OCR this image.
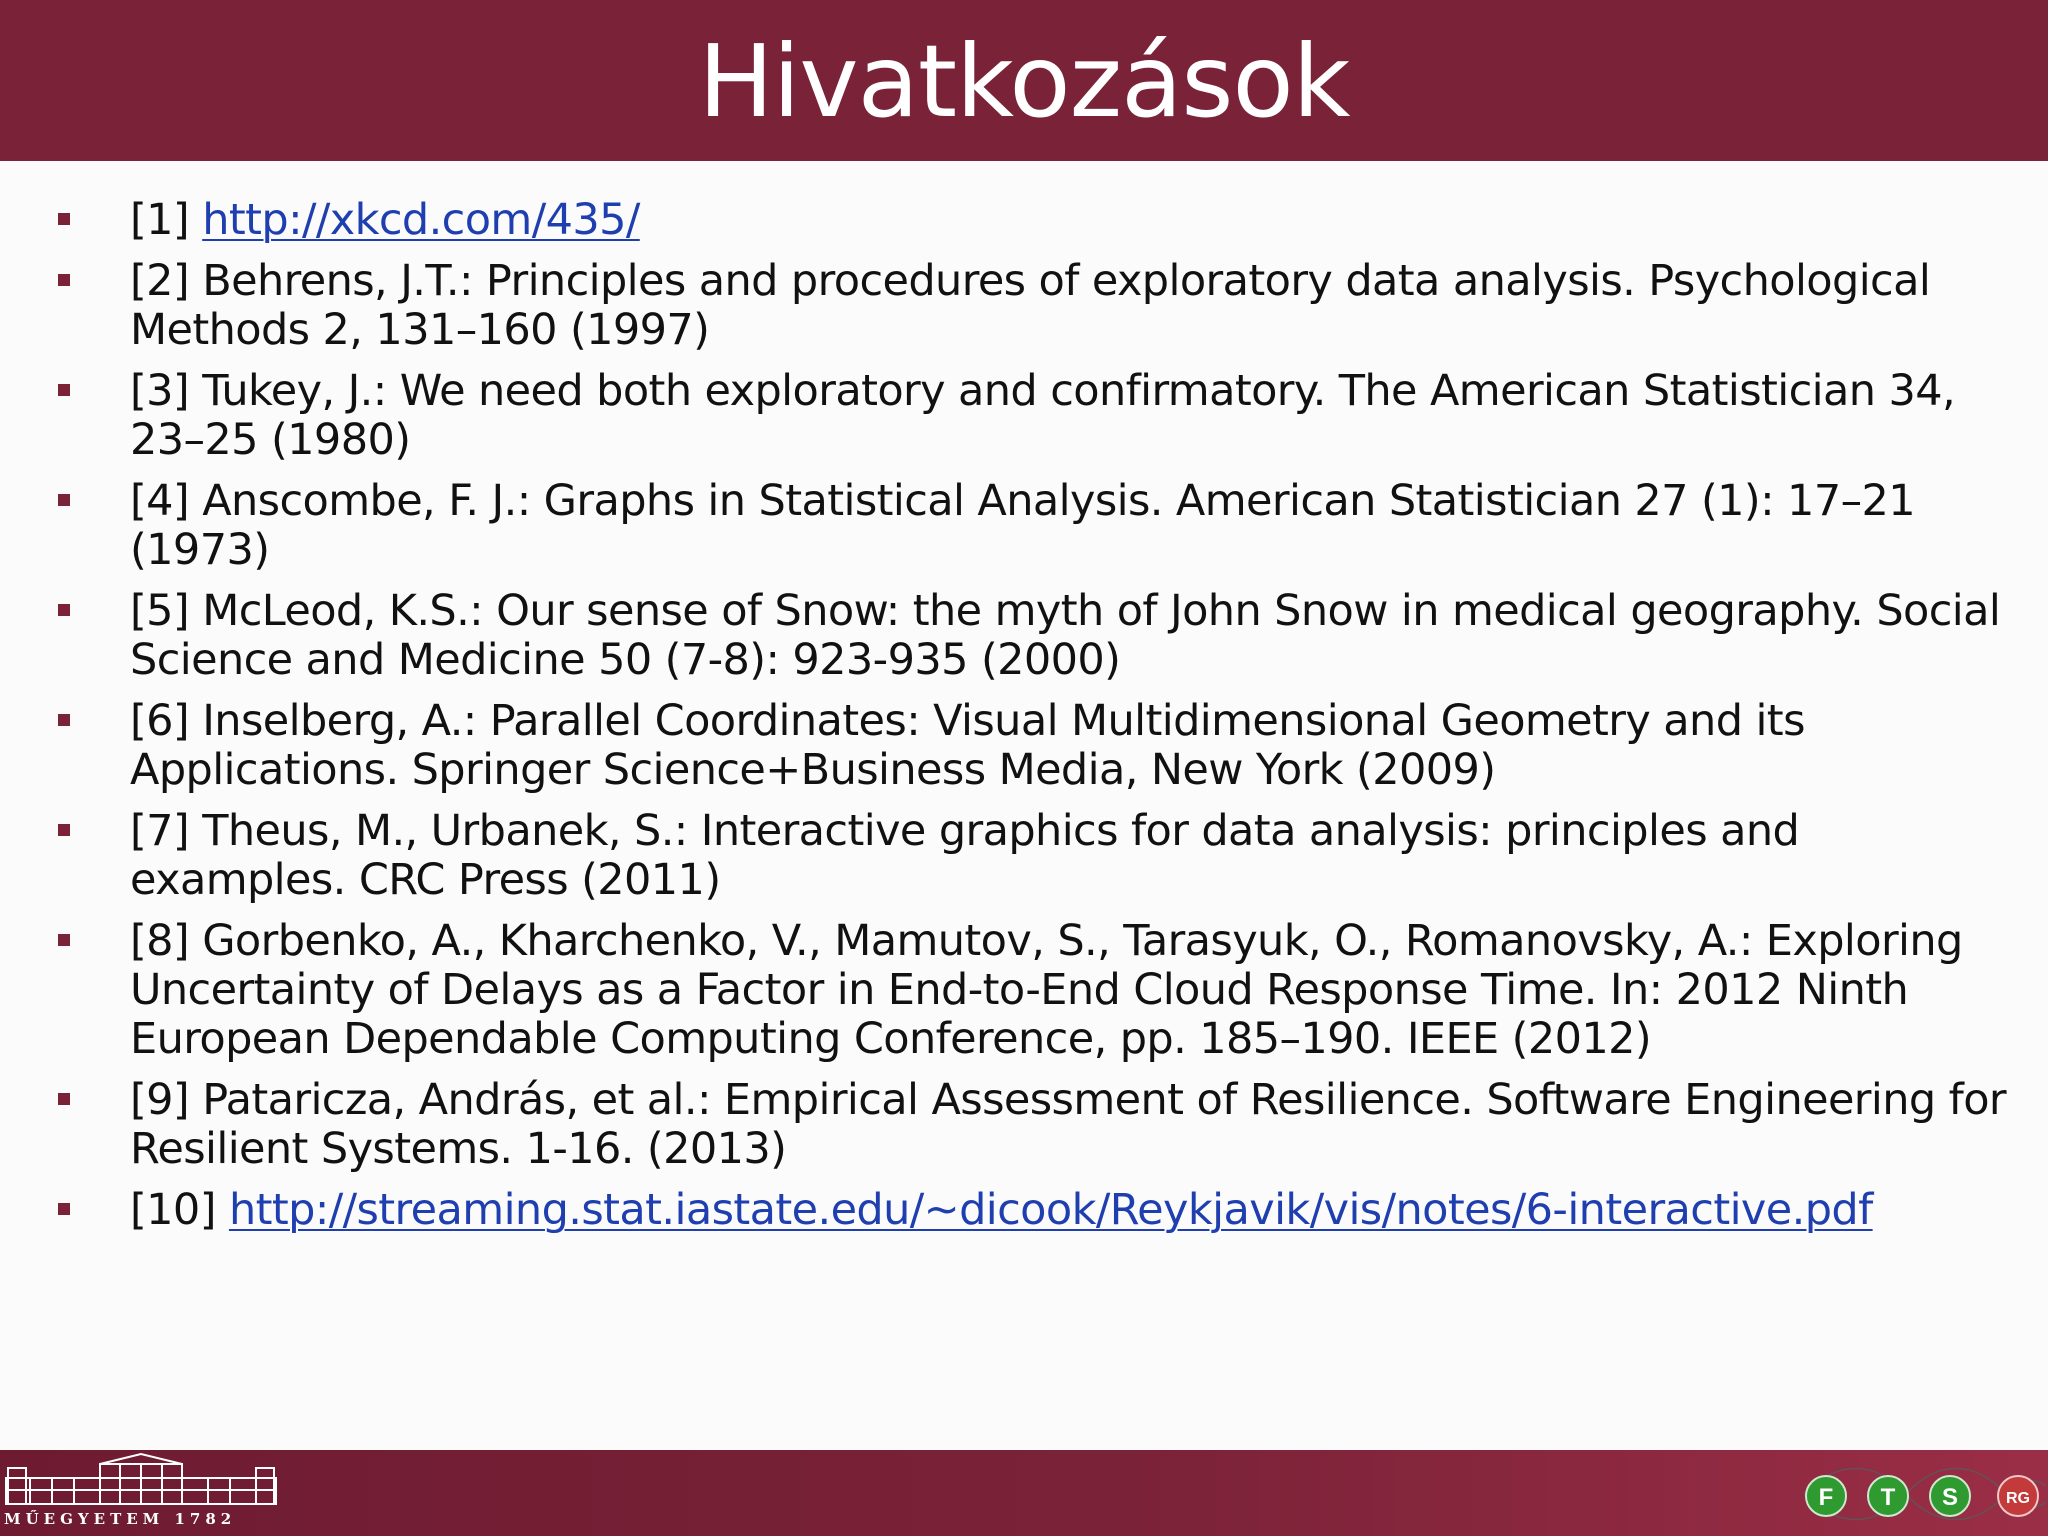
Hivatkozások
[1] http://xkcd.com/435/
[2] Behrens, J.T.: Principles and procedures of exploratory data analysis. Psychological Methods 2, 131–160 (1997)
[3] Tukey, J.: We need both exploratory and confirmatory. The American Statistician 34, 23–25 (1980)
[4] Anscombe, F. J.: Graphs in Statistical Analysis. American Statistician 27 (1): 17–21 (1973)
[5] McLeod, K.S.: Our sense of Snow: the myth of John Snow in medical geography. Social Science and Medicine 50 (7-8): 923-935 (2000)
[6] Inselberg, A.: Parallel Coordinates: Visual Multidimensional Geometry and its Applications. Springer Science+Business Media, New York (2009)
[7] Theus, M., Urbanek, S.: Interactive graphics for data analysis: principles and examples. CRC Press (2011)
[8] Gorbenko, A., Kharchenko, V., Mamutov, S., Tarasyuk, O., Romanovsky, A.: Exploring Uncertainty of Delays as a Factor in End-to-End Cloud Response Time. In: 2012 Ninth European Dependable Computing Conference, pp. 185–190. IEEE (2012)
[9] Pataricza, András, et al.: Empirical Assessment of Resilience. Software Engineering for Resilient Systems. 1-16. (2013)
[10] http://streaming.stat.iastate.edu/~dicook/Reykjavik/vis/notes/6-interactive.pdf
MŰEGYETEM 1782
F T S	RG
